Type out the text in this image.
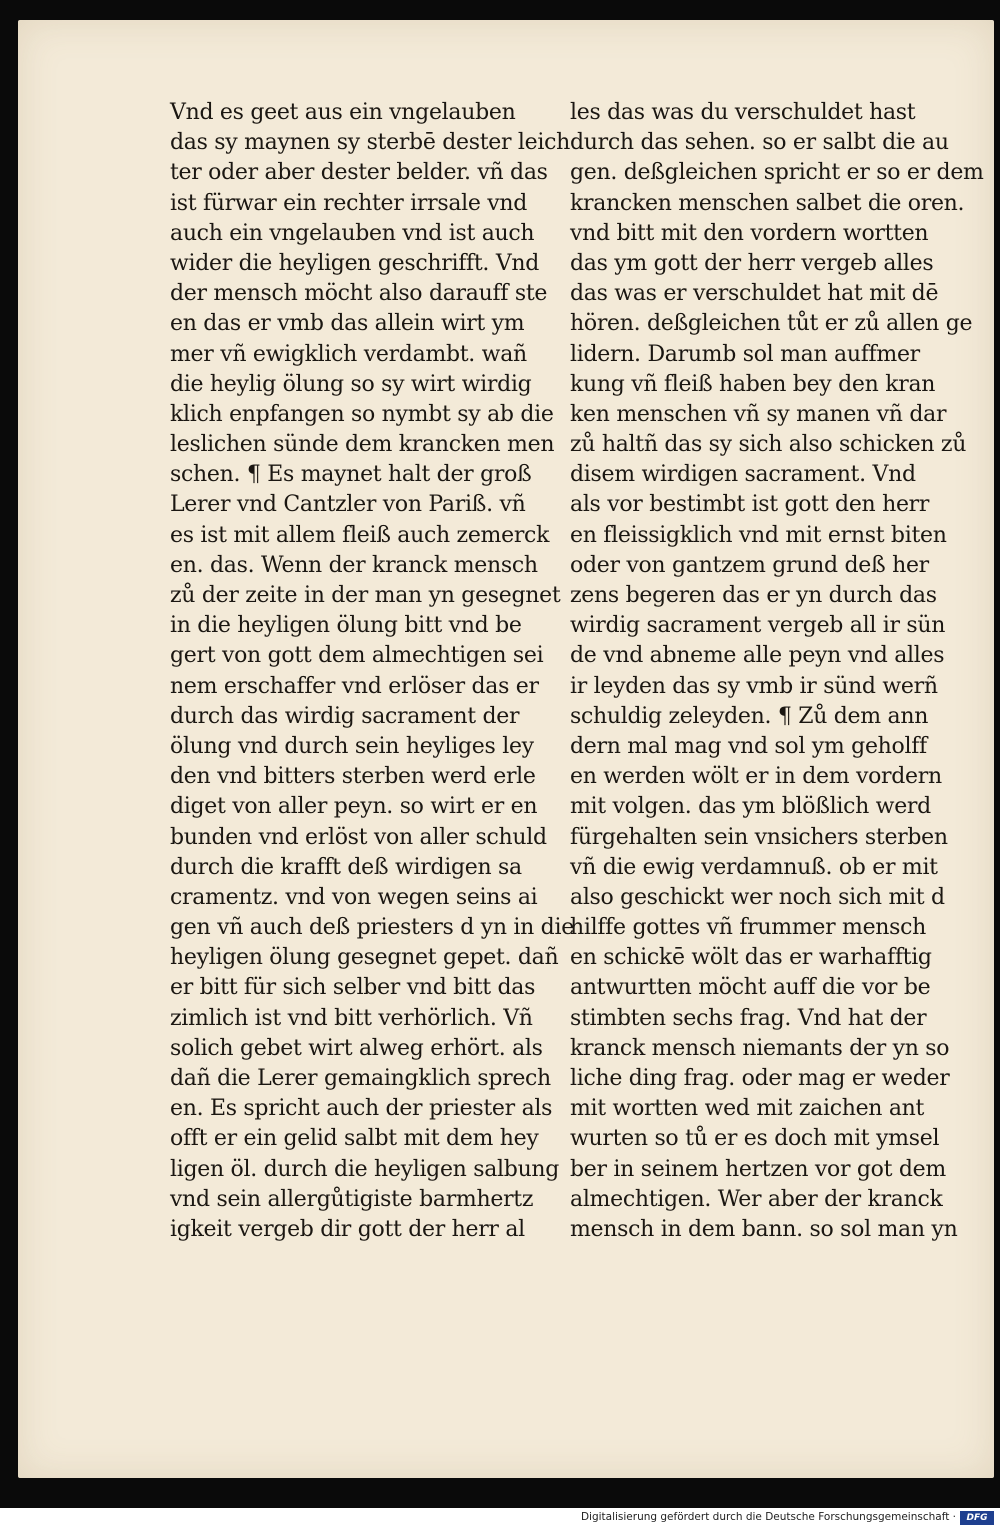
Vnd es geet aus ein vngelauben
das sy maynen sy sterbē dester leich
ter oder aber dester belder. vñ das
ist fürwar ein rechter irrsale vnd
auch ein vngelauben vnd ist auch
wider die heyligen geschrifft. Vnd
der mensch möcht also darauff ste
en das er vmb das allein wirt ym
mer vñ ewigklich verdambt. wañ
die heylig ölung so sy wirt wirdig
klich enpfangen so nymbt sy ab die
leslichen sünde dem krancken men
schen. ¶ Es maynet halt der groß
Lerer vnd Cantzler von Pariß. vñ
es ist mit allem fleiß auch zemerck
en. das. Wenn der kranck mensch
zů der zeite in der man yn gesegnet
in die heyligen ölung bitt vnd be
gert von gott dem almechtigen sei
nem erschaffer vnd erlöser das er
durch das wirdig sacrament der
ölung vnd durch sein heyliges ley
den vnd bitters sterben werd erle
diget von aller peyn. so wirt er en
bunden vnd erlöst von aller schuld
durch die krafft deß wirdigen sa
cramentz. vnd von wegen seins ai
gen vñ auch deß priesters d yn in die
heyligen ölung gesegnet gepet. dañ
er bitt für sich selber vnd bitt das
zimlich ist vnd bitt verhörlich. Vñ
solich gebet wirt alweg erhört. als
dañ die Lerer gemaingklich sprech
en. Es spricht auch der priester als
offt er ein gelid salbt mit dem hey
ligen öl. durch die heyligen salbung
vnd sein allergůtigiste barmhertz
igkeit vergeb dir gott der herr al
les das was du verschuldet hast
durch das sehen. so er salbt die au
gen. deßgleichen spricht er so er dem
krancken menschen salbet die oren.
vnd bitt mit den vordern wortten
das ym gott der herr vergeb alles
das was er verschuldet hat mit dē
hören. deßgleichen tůt er zů allen ge
lidern. Darumb sol man auffmer
kung vñ fleiß haben bey den kran
ken menschen vñ sy manen vñ dar
zů haltñ das sy sich also schicken zů
disem wirdigen sacrament. Vnd
als vor bestimbt ist gott den herr
en fleissigklich vnd mit ernst biten
oder von gantzem grund deß her
zens begeren das er yn durch das
wirdig sacrament vergeb all ir sün
de vnd abneme alle peyn vnd alles
ir leyden das sy vmb ir sünd werñ
schuldig zeleyden. ¶ Zů dem ann
dern mal mag vnd sol ym geholff
en werden wölt er in dem vordern
mit volgen. das ym blößlich werd
fürgehalten sein vnsichers sterben
vñ die ewig verdamnuß. ob er mit
also geschickt wer noch sich mit d
hilffe gottes vñ frummer mensch
en schickē wölt das er warhafftig
antwurtten möcht auff die vor be
stimbten sechs frag. Vnd hat der
kranck mensch niemants der yn so
liche ding frag. oder mag er weder
mit wortten wed mit zaichen ant
wurten so tů er es doch mit ymsel
ber in seinem hertzen vor got dem
almechtigen. Wer aber der kranck
mensch in dem bann. so sol man yn
Digitalisierung gefördert durch die Deutsche Forschungsgemeinschaft ·	DFG
